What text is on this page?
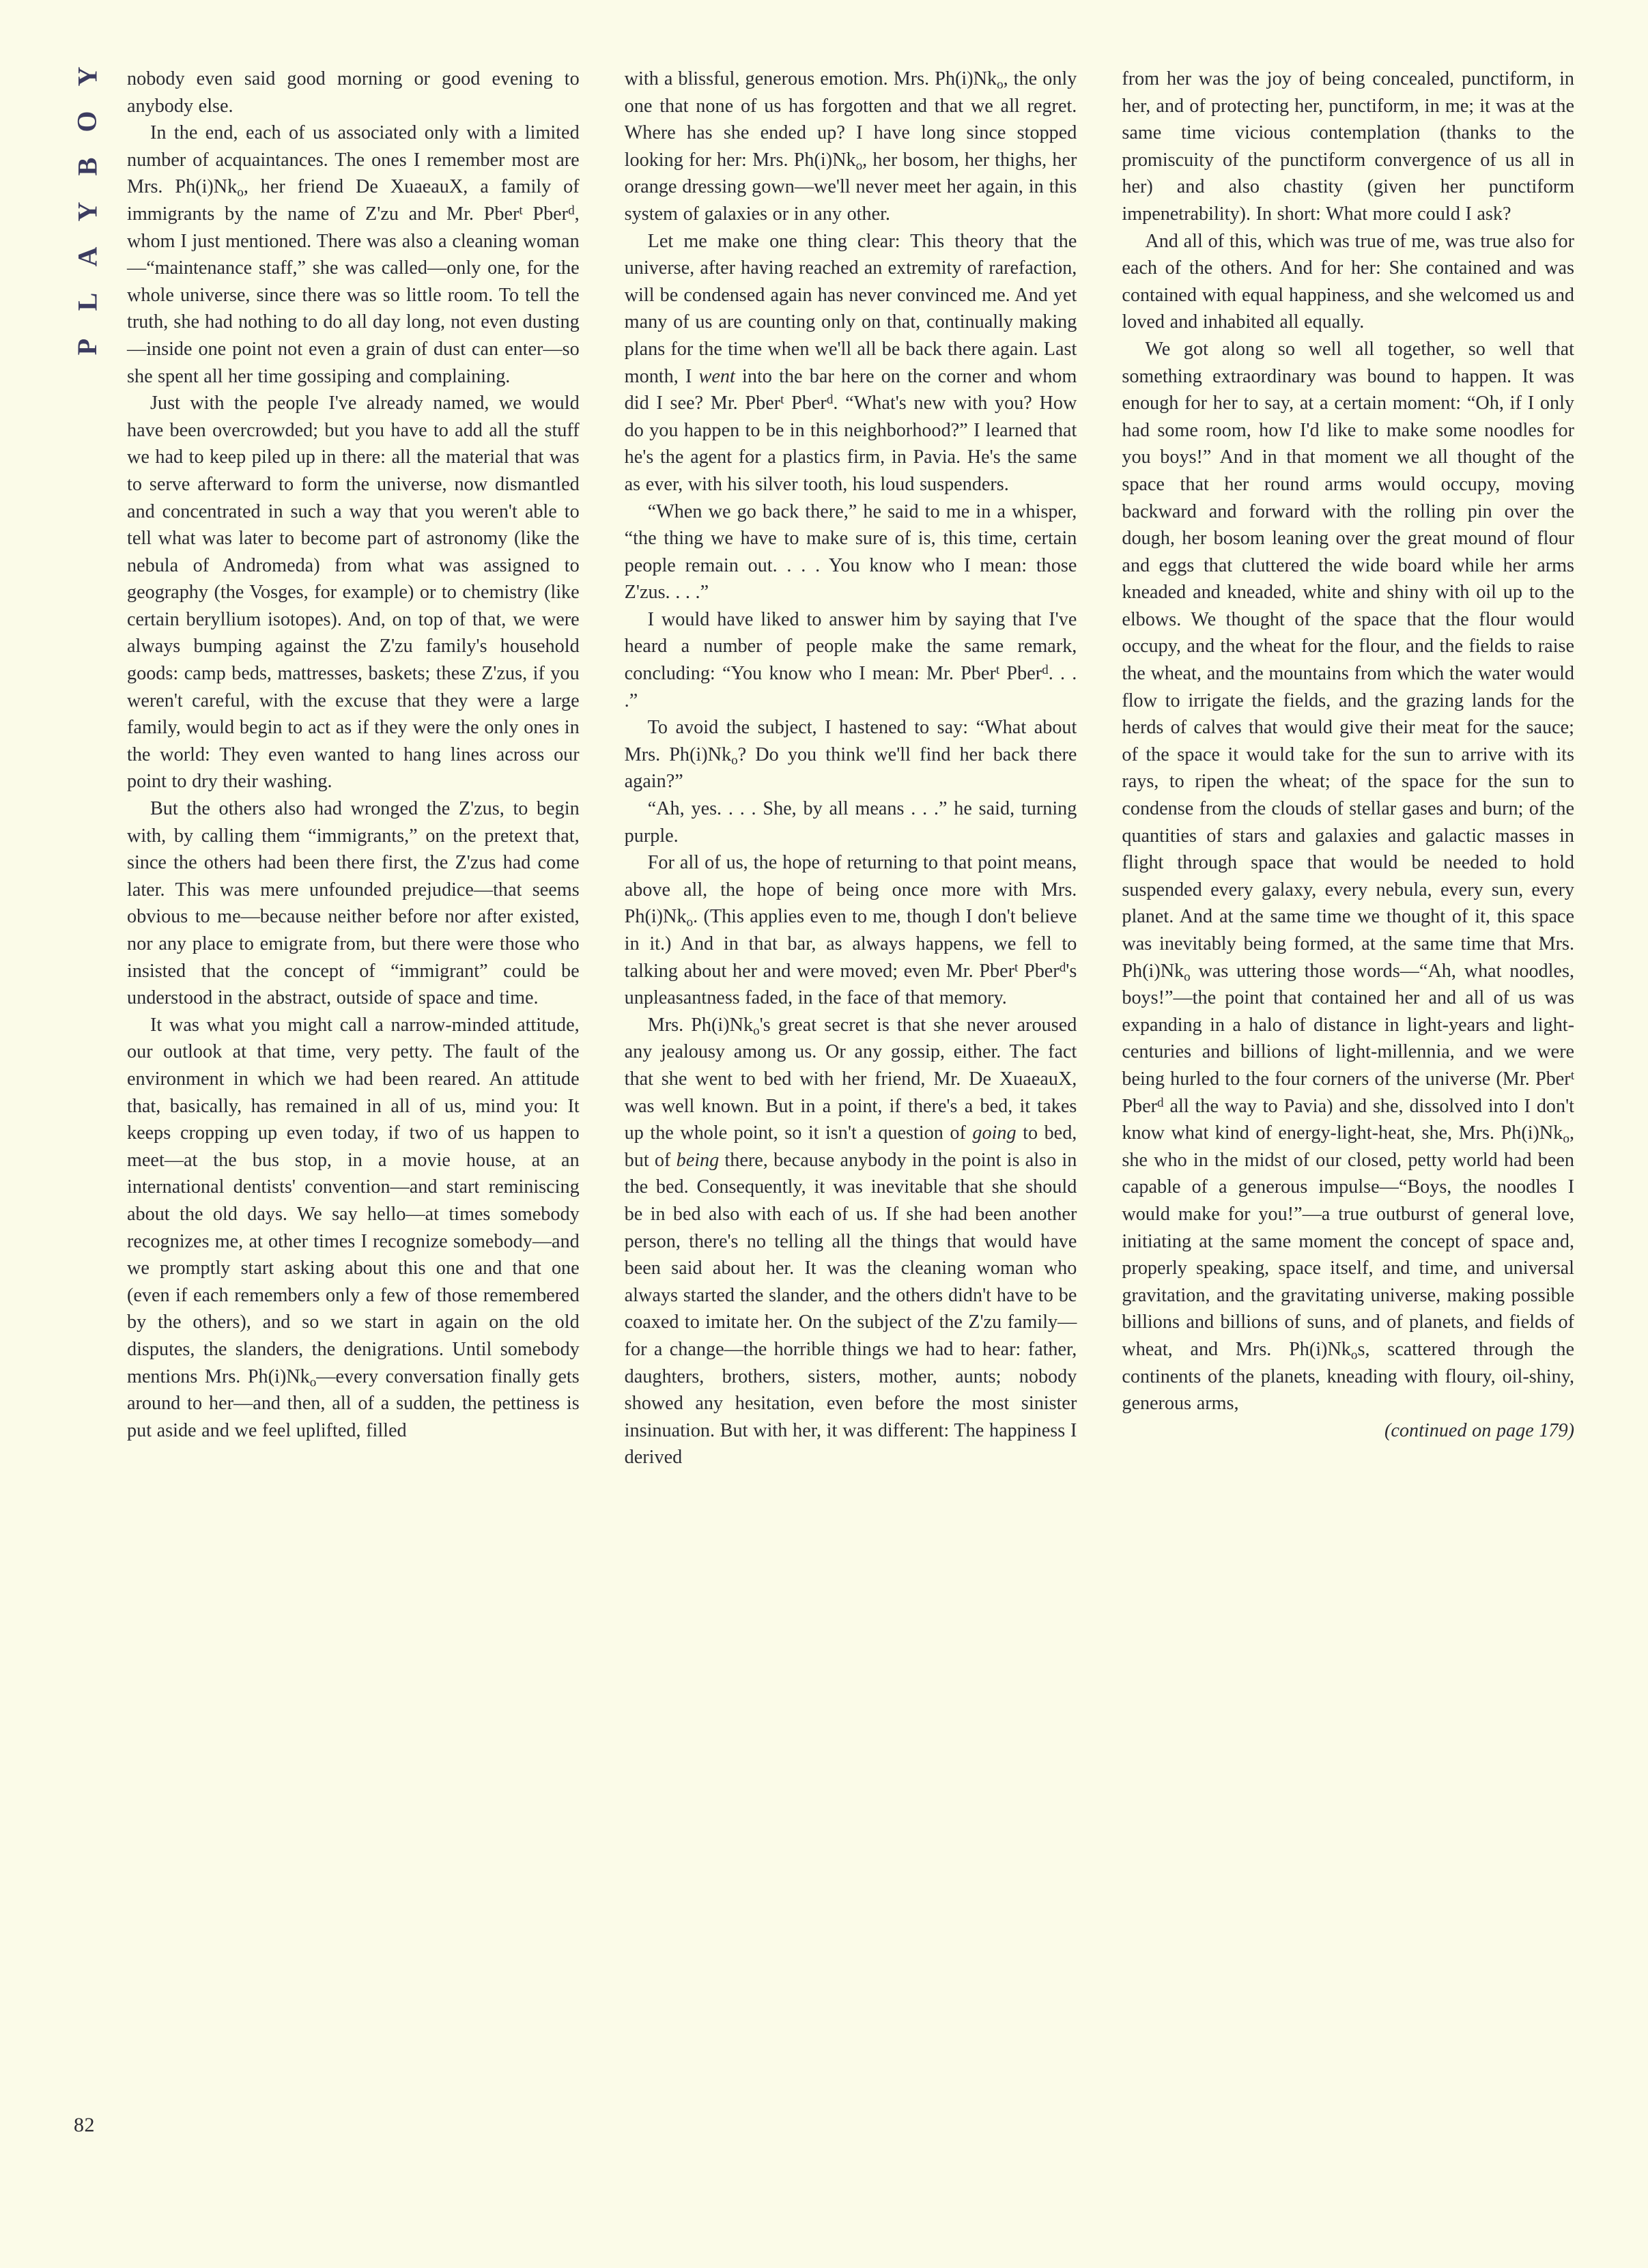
Y
O
B
Y
A
L
P
82

nobody even said good morning or good evening to anybody else.

In the end, each of us associated only with a limited number of acquaintances. The ones I remember most are Mrs. $Ph(i)Nk_o$, her friend De XuaeauX, a family of immigrants by the name of Z'zu and Mr. Pber$^t$ Pber$^d$, whom I just mentioned. There was also a cleaning woman—“maintenance staff,” she was called—only one, for the whole universe, since there was so little room. To tell the truth, she had nothing to do all day long, not even dusting—inside one point not even a grain of dust can enter—so she spent all her time gossiping and complaining.

Just with the people I've already named, we would have been overcrowded; but you have to add all the stuff we had to keep piled up in there: all the material that was to serve afterward to form the universe, now dismantled and concentrated in such a way that you weren't able to tell what was later to become part of astronomy (like the nebula of Andromeda) from what was assigned to geography (the Vosges, for example) or to chemistry (like certain beryllium isotopes). And, on top of that, we were always bumping against the Z'zu family's household goods: camp beds, mattresses, baskets; these Z'zus, if you weren't careful, with the excuse that they were a large family, would begin to act as if they were the only ones in the world: They even wanted to hang lines across our point to dry their washing.

But the others also had wronged the Z'zus, to begin with, by calling them “immigrants,” on the pretext that, since the others had been there first, the Z'zus had come later. This was mere unfounded prejudice—that seems obvious to me—because neither before nor after existed, nor any place to emigrate from, but there were those who insisted that the concept of “immigrant” could be understood in the abstract, outside of space and time.

It was what you might call a narrow-minded attitude, our outlook at that time, very petty. The fault of the environment in which we had been reared. An attitude that, basically, has remained in all of us, mind you: It keeps cropping up even today, if two of us happen to meet—at the bus stop, in a movie house, at an international dentists' convention—and start reminiscing about the old days. We say hello—at times somebody recognizes me, at other times I recognize somebody—and we promptly start asking about this one and that one (even if each remembers only a few of those remembered by the others), and so we start in again on the old disputes, the slanders, the denigrations. Until somebody mentions Mrs. $Ph(i)Nk_o—every$ conversation finally gets around to her—and then, all of a sudden, the pettiness is put aside and we feel uplifted, filled

with a blissful, generous emotion. Mrs. $Ph(i)Nk_o$, the only one that none of us has forgotten and that we all regret. Where has she ended up? I have long since stopped looking for her: Mrs. $Ph(i)Nk_o$, her bosom, her thighs, her orange dressing gown—we'll never meet her again, in this system of galaxies or in any other.

Let me make one thing clear: This theory that the universe, after having reached an extremity of rarefaction, will be condensed again has never convinced me. And yet many of us are counting only on that, continually making plans for the time when we'll all be back there again. Last month, I went into the bar here on the corner and whom did I see? Mr. Pber$^t$ Pber$^d$. “What's new with you? How do you happen to be in this neighborhood?” I learned that he's the agent for a plastics firm, in Pavia. He's the same as ever, with his silver tooth, his loud suspenders.

“When we go back there,” he said to me in a whisper, “the thing we have to make sure of is, this time, certain people remain out. . . . You know who I mean: those Z'zus. . . .”

I would have liked to answer him by saying that I've heard a number of people make the same remark, concluding: “You know who I mean: Mr. Pber$^t$ Pber$^d$. . . .”

To avoid the subject, I hastened to say: “What about Mrs. $Ph(i)Nk_o$? Do you think we'll find her back there again?”

“Ah, yes. . . . She, by all means . . .” he said, turning purple.

For all of us, the hope of returning to that point means, above all, the hope of being once more with Mrs. $Ph(i)Nk_o$. (This applies even to me, though I don't believe in it.) And in that bar, as always happens, we fell to talking about her and were moved; even Mr. Pber$^t$ Pber$^d$'s unpleasantness faded, in the face of that memory.

Mrs. $Ph(i)Nk_o's$ great secret is that she never aroused any jealousy among us. Or any gossip, either. The fact that she went to bed with her friend, Mr. De XuaeauX, was well known. But in a point, if there's a bed, it takes up the whole point, so it isn't a question of going to bed, but of being there, because anybody in the point is also in the bed. Consequently, it was inevitable that she should be in bed also with each of us. If she had been another person, there's no telling all the things that would have been said about her. It was the cleaning woman who always started the slander, and the others didn't have to be coaxed to imitate her. On the subject of the Z'zu family—for a change—the horrible things we had to hear: father, daughters, brothers, sisters, mother, aunts; nobody showed any hesitation, even before the most sinister insinuation. But with her, it was different: The happiness I derived

from her was the joy of being concealed, punctiform, in her, and of protecting her, punctiform, in me; it was at the same time vicious contemplation (thanks to the promiscuity of the punctiform convergence of us all in her) and also chastity (given her punctiform impenetrability). In short: What more could I ask?

And all of this, which was true of me, was true also for each of the others. And for her: She contained and was contained with equal happiness, and she welcomed us and loved and inhabited all equally.

We got along so well all together, so well that something extraordinary was bound to happen. It was enough for her to say, at a certain moment: “Oh, if I only had some room, how I'd like to make some noodles for you boys!” And in that moment we all thought of the space that her round arms would occupy, moving backward and forward with the rolling pin over the dough, her bosom leaning over the great mound of flour and eggs that cluttered the wide board while her arms kneaded and kneaded, white and shiny with oil up to the elbows. We thought of the space that the flour would occupy, and the wheat for the flour, and the fields to raise the wheat, and the mountains from which the water would flow to irrigate the fields, and the grazing lands for the herds of calves that would give their meat for the sauce; of the space it would take for the sun to arrive with its rays, to ripen the wheat; of the space for the sun to condense from the clouds of stellar gases and burn; of the quantities of stars and galaxies and galactic masses in flight through space that would be needed to hold suspended every galaxy, every nebula, every sun, every planet. And at the same time we thought of it, this space was inevitably being formed, at the same time that Mrs. $Ph(i)Nk_o$ was uttering those words—“Ah, what noodles, boys!”—the point that contained her and all of us was expanding in a halo of distance in light-years and light-centuries and billions of light-millennia, and we were being hurled to the four corners of the universe (Mr. Pber$^t$ Pber$^d$ all the way to Pavia) and she, dissolved into I don't know what kind of energy-light-heat, she, Mrs. $Ph(i)Nk_o$, she who in the midst of our closed, petty world had been capable of a generous impulse—“Boys, the noodles I would make for you!”—a true outburst of general love, initiating at the same moment the concept of space and, properly speaking, space itself, and time, and universal gravitation, and the gravitating universe, making possible billions and billions of suns, and of planets, and fields of wheat, and Mrs. $Ph(i)Nk_os$, scattered through the continents of the planets, kneading with floury, oil-shiny, generous arms,

(continued on page 179)
